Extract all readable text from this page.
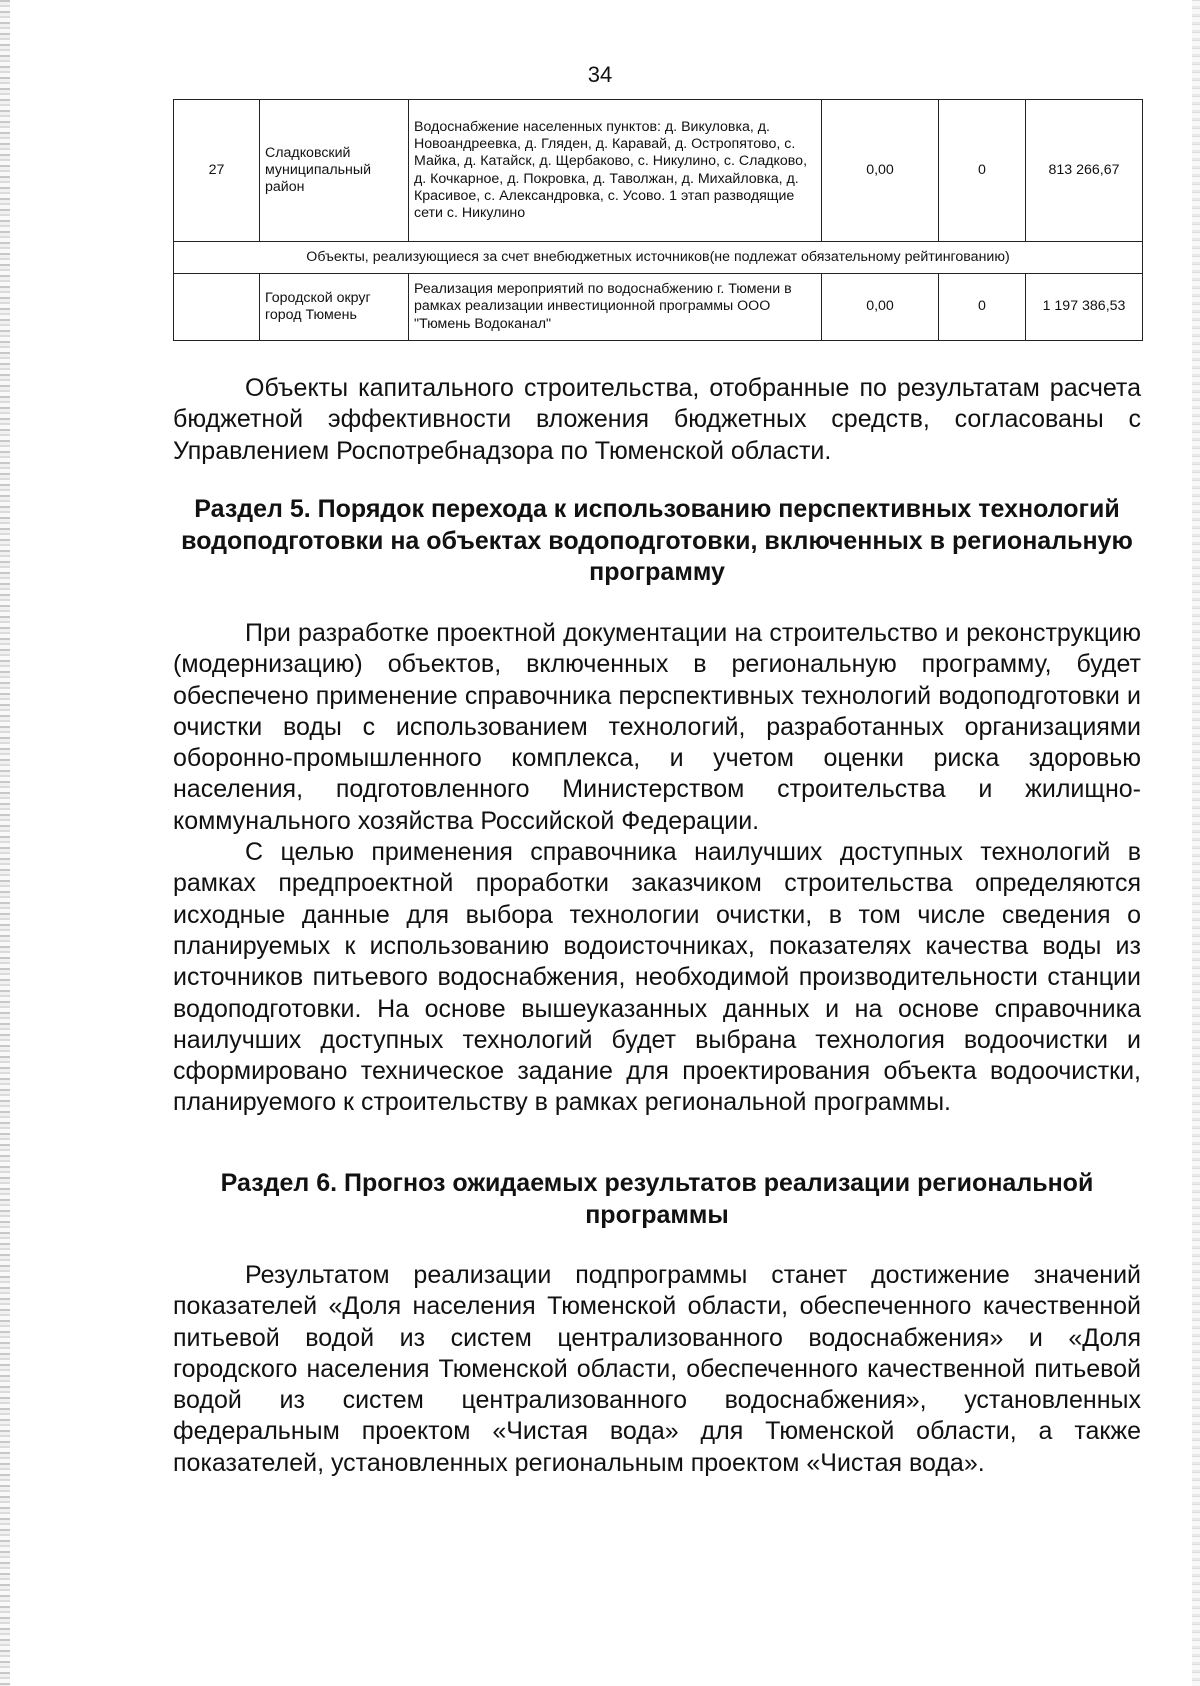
34
27	Сладковский муниципальный район	Водоснабжение населенных пунктов: д. Викуловка, д. Новоандреевка, д. Гляден, д. Каравай, д. Остропятово, с. Майка, д. Катайск, д. Щербаково, с. Никулино, с. Сладково, д. Кочкарное, д. Покровка, д. Таволжан, д. Михайловка, д. Красивое, с. Александровка, с. Усово. 1 этап разводящие сети с. Никулино	0,00	0	813 266,67
Объекты, реализующиеся за счет внебюджетных источников(не подлежат обязательному рейтингованию)					
	Городской округ город Тюмень	Реализация мероприятий по водоснабжению г. Тюмени в рамках реализации инвестиционной программы ООО "Тюмень Водоканал"	0,00	0	1 197 386,53

Объекты капитального строительства, отобранные по результатам расчета бюджетной эффективности вложения бюджетных средств, согласованы с Управлением Роспотребнадзора по Тюменской области.

Раздел 5. Порядок перехода к использованию перспективных технологий водоподготовки на объектах водоподготовки, включенных в региональную программу

При разработке проектной документации на строительство и реконструкцию (модернизацию) объектов, включенных в региональную программу, будет обеспечено применение справочника перспективных технологий водоподготовки и очистки воды с использованием технологий, разработанных организациями оборонно-промышленного комплекса, и учетом оценки риска здоровью населения, подготовленного Министерством строительства и жилищно-коммунального хозяйства Российской Федерации.

С целью применения справочника наилучших доступных технологий в рамках предпроектной проработки заказчиком строительства определяются исходные данные для выбора технологии очистки, в том числе сведения о планируемых к использованию водоисточниках, показателях качества воды из источников питьевого водоснабжения, необходимой производительности станции водоподготовки. На основе вышеуказанных данных и на основе справочника наилучших доступных технологий будет выбрана технология водоочистки и сформировано техническое задание для проектирования объекта водоочистки, планируемого к строительству в рамках региональной программы.

Раздел 6. Прогноз ожидаемых результатов реализации региональной программы

Результатом реализации подпрограммы станет достижение значений показателей «Доля населения Тюменской области, обеспеченного качественной питьевой водой из систем централизованного водоснабжения» и «Доля городского населения Тюменской области, обеспеченного качественной питьевой водой из систем централизованного водоснабжения», установленных федеральным проектом «Чистая вода» для Тюменской области, а также показателей, установленных региональным проектом «Чистая вода».
